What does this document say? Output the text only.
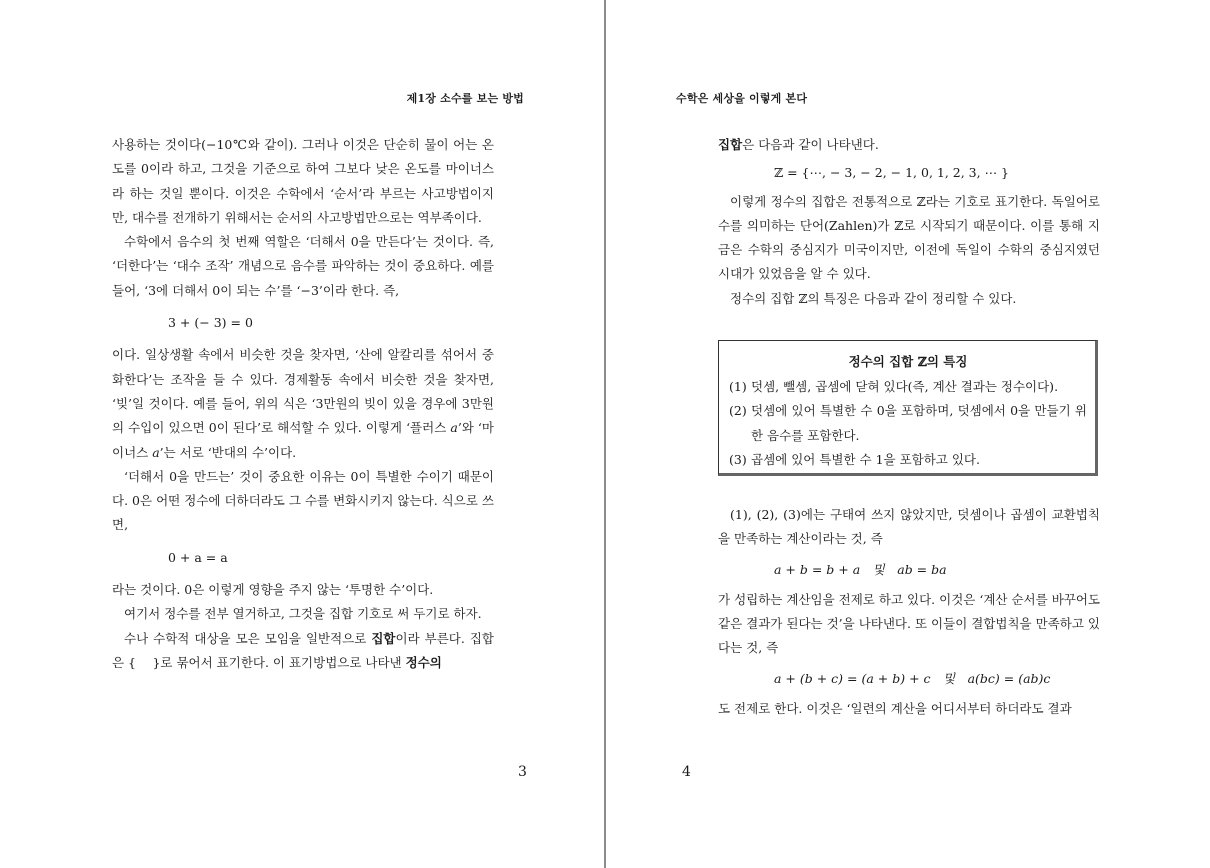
제1장 소수를 보는 방법

사용하는 것이다(−10℃와 같이). 그러나 이것은 단순히 물이 어는 온도를 0이라 하고, 그것을 기준으로 하여 그보다 낮은 온도를 마이너스라 하는 것일 뿐이다. 이것은 수학에서 ‘순서’라 부르는 사고방법이지만, 대수를 전개하기 위해서는 순서의 사고방법만으로는 역부족이다.

수학에서 음수의 첫 번째 역할은 ‘더해서 0을 만든다’는 것이다. 즉, ‘더한다’는 ‘대수 조작’ 개념으로 음수를 파악하는 것이 중요하다. 예를 들어, ‘3에 더해서 0이 되는 수’를 ‘−3’이라 한다. 즉,

3 + (− 3) = 0

이다. 일상생활 속에서 비슷한 것을 찾자면, ‘산에 알칼리를 섞어서 중화한다’는 조작을 들 수 있다. 경제활동 속에서 비슷한 것을 찾자면, ‘빚’일 것이다. 예를 들어, 위의 식은 ‘3만원의 빚이 있을 경우에 3만원의 수입이 있으면 0이 된다’로 해석할 수 있다. 이렇게 ‘플러스 a’와 ‘마이너스 a’는 서로 ‘반대의 수’이다.

‘더해서 0을 만드는’ 것이 중요한 이유는 0이 특별한 수이기 때문이다. 0은 어떤 정수에 더하더라도 그 수를 변화시키지 않는다. 식으로 쓰면,

0 + a = a

라는 것이다. 0은 이렇게 영향을 주지 않는 ‘투명한 수’이다.

여기서 정수를 전부 열거하고, 그것을 집합 기호로 써 두기로 하자.

수나 수학적 대상을 모은 모임을 일반적으로 집합이라 부른다. 집합은 {　 }로 묶어서 표기한다. 이 표기방법으로 나타낸 정수의

3
수학은 세상을 이렇게 본다

집합은 다음과 같이 나타낸다.

ℤ = {⋯, − 3, − 2, − 1, 0, 1, 2, 3, ⋯ }

이렇게 정수의 집합은 전통적으로 ℤ라는 기호로 표기한다. 독일어로 수를 의미하는 단어(Zahlen)가 ℤ로 시작되기 때문이다. 이를 통해 지금은 수학의 중심지가 미국이지만, 이전에 독일이 수학의 중심지였던 시대가 있었음을 알 수 있다.

정수의 집합 ℤ의 특징은 다음과 같이 정리할 수 있다.

정수의 집합 ℤ의 특징
(1) 덧셈, 뺄셈, 곱셈에 닫혀 있다(즉, 계산 결과는 정수이다).
(2) 덧셈에 있어 특별한 수 0을 포함하며, 덧셈에서 0을 만들기 위한 음수를 포함한다.
(3) 곱셈에 있어 특별한 수 1을 포함하고 있다.

(1), (2), (3)에는 구태여 쓰지 않았지만, 덧셈이나 곱셈이 교환법칙을 만족하는 계산이라는 것, 즉

a + b = b + a　및　ab = ba

가 성립하는 계산임을 전제로 하고 있다. 이것은 ‘계산 순서를 바꾸어도 같은 결과가 된다는 것’을 나타낸다. 또 이들이 결합법칙을 만족하고 있다는 것, 즉

a + (b + c) = (a + b) + c　및　a(bc) = (ab)c

도 전제로 한다. 이것은 ‘일련의 계산을 어디서부터 하더라도 결과

4
